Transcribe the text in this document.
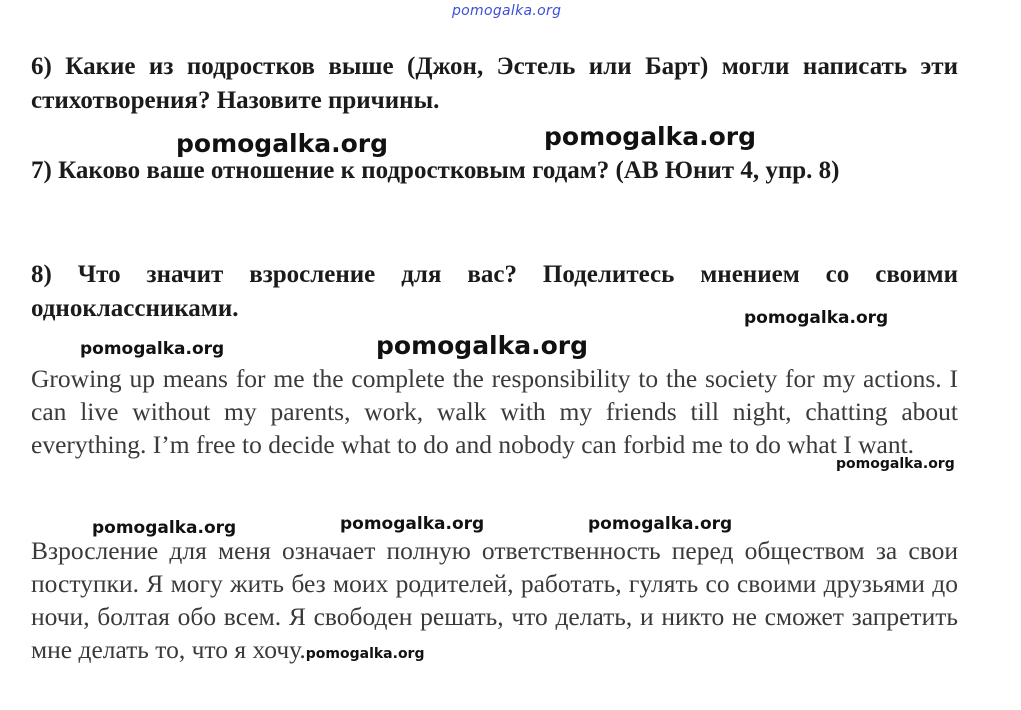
pomogalka.org

6) Какие из подростков выше (Джон, Эстель или Барт) могли написать эти стихотворения? Назовите причины.

pomogalka.org	pomogalka.org

7) Каково ваше отношение к подростковым годам? (АВ Юнит 4, упр. 8)

8) Что значит взросление для вас? Поделитесь мнением со своими одноклассниками.	pomogalka.org
pomogalka.org	pomogalka.org

Growing up means for me the complete the responsibility to the society for my actions. I can live without my parents, work, walk with my friends till night, chatting about everything. I’m free to decide what to do and nobody can forbid me to do what I want.

pomogalka.org
pomogalka.org	pomogalka.org	pomogalka.org

Взросление для меня означает полную ответственность перед обществом за свои поступки. Я могу жить без моих родителей, работать, гулять со своими друзьями до ночи, болтая обо всем. Я свободен решать, что делать, и никто не сможет запретить мне делать то, что я хочу.pomogalka.org
